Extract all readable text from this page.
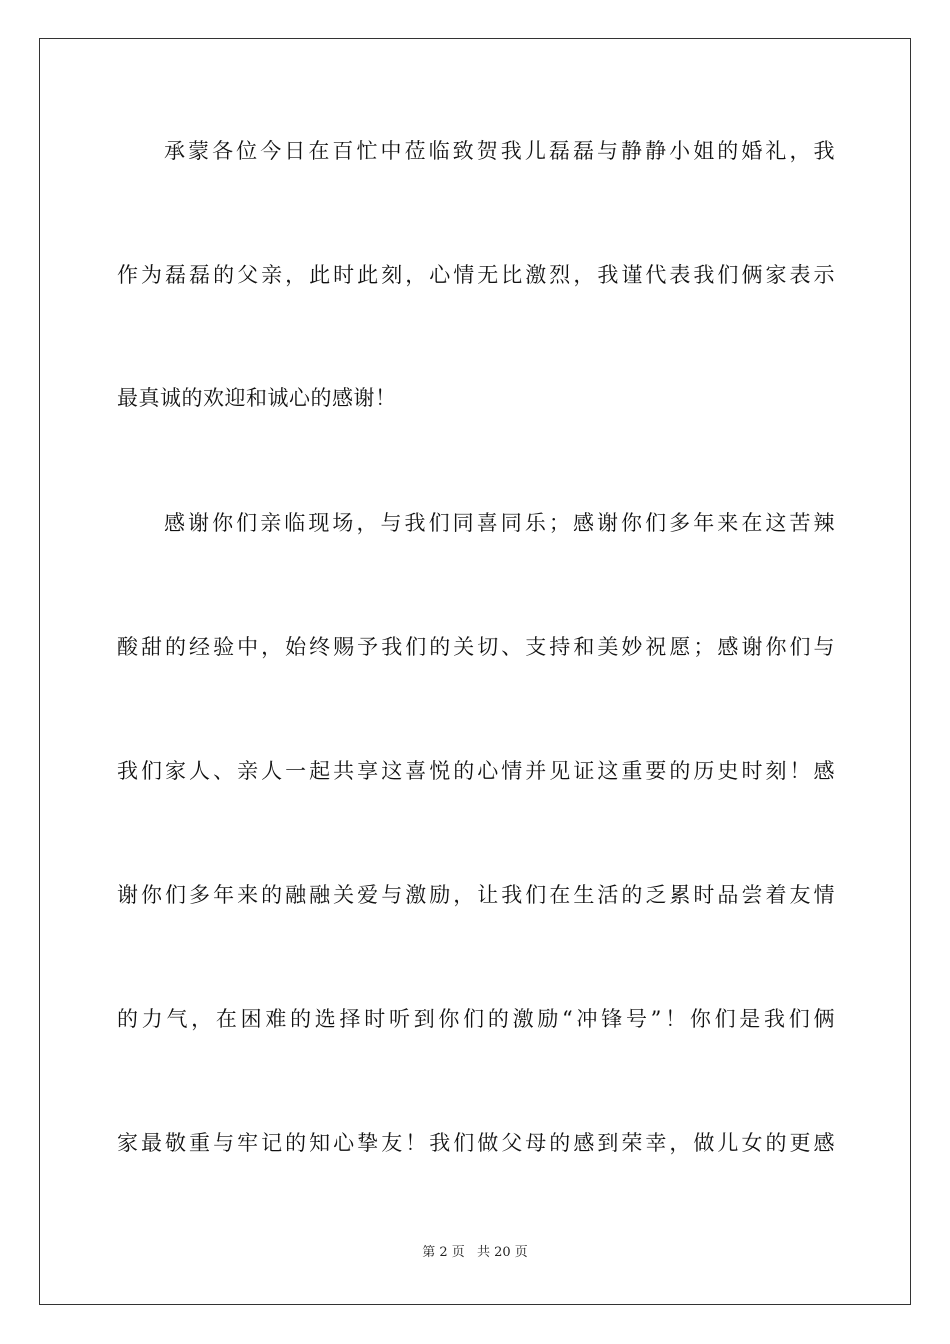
承蒙各位今日在百忙中莅临致贺我儿磊磊与静静小姐的婚礼，我
作为磊磊的父亲，此时此刻，心情无比激烈，我谨代表我们俩家表示
最真诚的欢迎和诚心的感谢！
感谢你们亲临现场，与我们同喜同乐；感谢你们多年来在这苦辣
酸甜的经验中，始终赐予我们的关切、支持和美妙祝愿；感谢你们与
我们家人、亲人一起共享这喜悦的心情并见证这重要的历史时刻！感
谢你们多年来的融融关爱与激励，让我们在生活的乏累时品尝着友情
的力气，在困难的选择时听到你们的激励“冲锋号”！你们是我们俩
家最敬重与牢记的知心挚友！我们做父母的感到荣幸，做儿女的更感
第 2 页 共 20 页
